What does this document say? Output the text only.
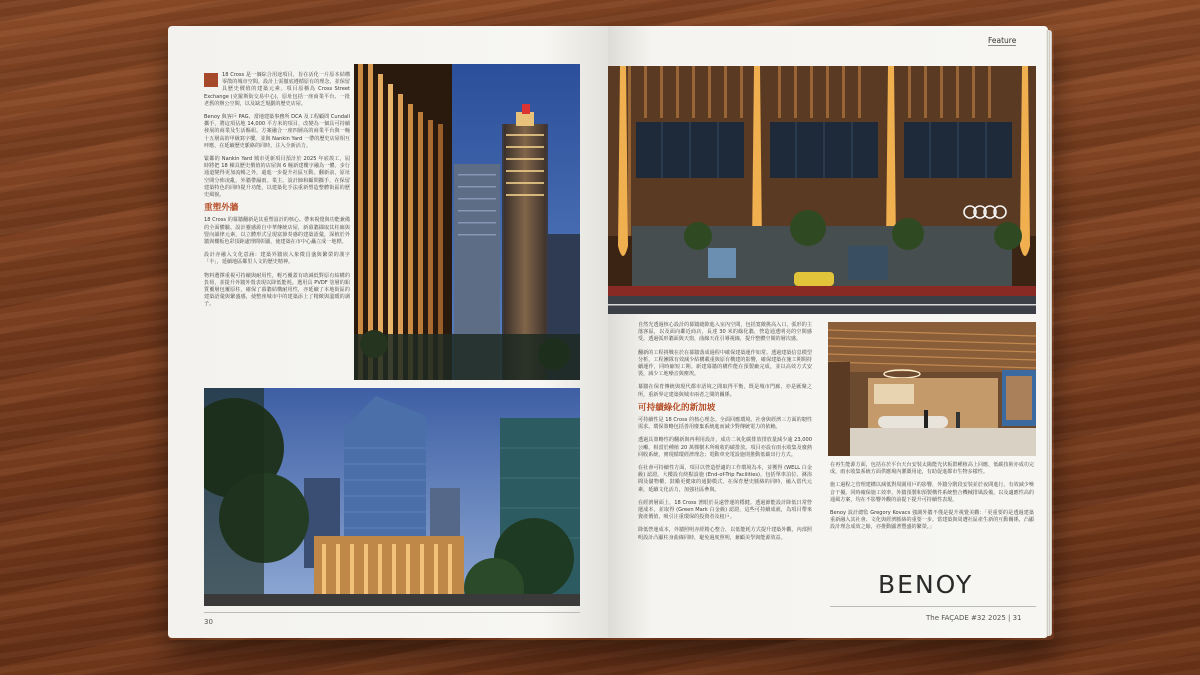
18 Cross 是一個綜合用途項目，旨在活化一片原本結構零散的城市空間。設計上需徹底遵循原有的理念，並保留具歷史價值的建築元素。項目原稱為 Cross Street Exchange (克羅斯街交易中心)，原址包括一座商業平台、一批老舊的辦公空間，以及缺乏規劃的歷史店屋。

Benoy 與客戶 PAG、當地建築事務所 DCA 及工程顧問 Cundall 攜手，將這項佔地 14,000 平方米的項目，改變為一個具可持續發展的商業及生活樞紐。方案融合一座四層高的商業平台與一幢十五層高的甲級寫字樓，並與 Nankin Yard 一帶的歷史店屋相互呼應，在延續歷史脈絡的同時，注入全新活力。

緊鄰的 Nankin Yard 城市更新項目預計於 2025 年底竣工，屆時將把 18 棟具歷史價值的店屋與 6 幢新建樓宇融為一體。步行通道變得更加流暢之外，還進一步提升社區互動。翻新前，原址空間分佈凌亂，外牆帶漏雨。業主、設計師和顧問攜手，在保留建築特色的同時提升功能，以建築化手法重新塑造整體街區的歷史風貌。

重塑外牆

18 Cross 的幕牆翻新是其重塑設計的核心。帶來視覺與功能兼備的全面體驗。設計靈感源自中華傳統店屋，新幕牆擷取其柱廊與豎向韻律元素，以立體形式呈現富節奏感的建築語彙，深植於外牆與樓板色彩頂距處理間彰顯，使建築在市中心矗立成一地標。

設計亦融入文化意涵：建築外牆嵌入象徵昌盛與繁榮的漢字「丰」，延續地區鄰里人文的歷史精神。

物料選擇重視可持續與耐用性，輕巧覆蓋有助減低對原有結構的負荷，並提升外牆外殼表現以降低能耗。選用具 PVDF 塗層的鋁質覆層包覆原柱，確保了幕牆結構耐用性，亦延續了本地街區的建築語彙與繁盛感，使整座城市中的建築添上了精緻與溫暖的調子。

30
Feature

自然光透過核心設計的幕牆縫隙進入室內空間，包括寬敞挑高入口，弧形的主落客區，以及面向鄰近商店，長達 30 米的綠化牆，營造通透明亮的空間感受。透過弧形牆面與天窗，曲線天花引導視線，提升整體空間的層次感。

翻新的工程挑戰在於在幕牆落成過程中確保建築運作如常。透過建築信息模型分析，工程團隊有效減少結構載重與原有構建的影響，確保建築在施工期間持續運作，同時縮短工期。新建幕牆的構件能在預製廠完成，並以高效方式安裝，減少工地噪音與塵埃。

幕牆在保育傳統與現代都市語境之間取得平衡，既是城市門廊，亦是匯聚之所，重新界定建築與城市兩者之間的關係。

可持續綠化的新加坡

可持續性是 18 Cross 的核心理念。全面回應環境、社會與經濟三方面的韌性需求。環保策略包括善用廢棄系統進而減少對傳統電力的依賴。

透過具策略性的翻新與再利用設計，成功二氧化碳排放排放量減少逾 23,000 公噸，相當於種植 20 萬棵樹木所吸收的碳排放。項目亦設有雨水收集及廢熱回收系統，實現循環經濟理念；電動車充電設施則推動低碳出行方式。

在社會可持續性方面，項目以營造舒適的工作環境為本，並獲得 (WELL 白金級) 認證。大樓設有終點設施 (End-of-Trip Facilities)，包括單車泊位、淋浴間及儲物櫃，鼓勵更健康的通勤模式。在保育歷史脈絡的同時，融入當代元素，延續文化活力，加強社區參與。

在經濟層面上，18 Cross 著眼於長遠營運的穩健。透過節能設計降低日常營運成本，並取得 (Green Mark 白金級) 認證，這些可持續成就，為項目帶來資產價值，吸引注重環保的投資者及租戶。

降低營運成本，外牆照明亦經精心整合，以低能耗方式提升建築外觀，內部照明設計凸顯柱身曲線同時，避免過度照明，兼顧美學與能源效益。

在再生能源方面，包括在於平台天台安裝太陽能光伏板群種植高上回應，低碳技術亦成功完成，雨水收集系統方面供應場內灌溉用途，有助促進都市生物多樣性。

施工過程之管理建構以減低對周圍用戶的影響，外牆分階段安裝並於夜間進行，有效減少噪音干擾。同時確保施工效率，外牆預製和預製構件系統整合機械排風設備，以及適應性高的通風方案，均在不影響外觀的前提下提升可持續性表現。

Benoy 設計總監 Gregory Kovacs 強調外牆不僅是提升視覺美觀：「更重要的是透過建築重新融入其社會、文化與經濟脈絡的重要一步。當建築與周遭社區產生新的互動關係，凸顯設計理念成效之餘，亦推動顯著豐盛的繁榮。」

BENOY
The FAÇADE #32 2025 | 31
